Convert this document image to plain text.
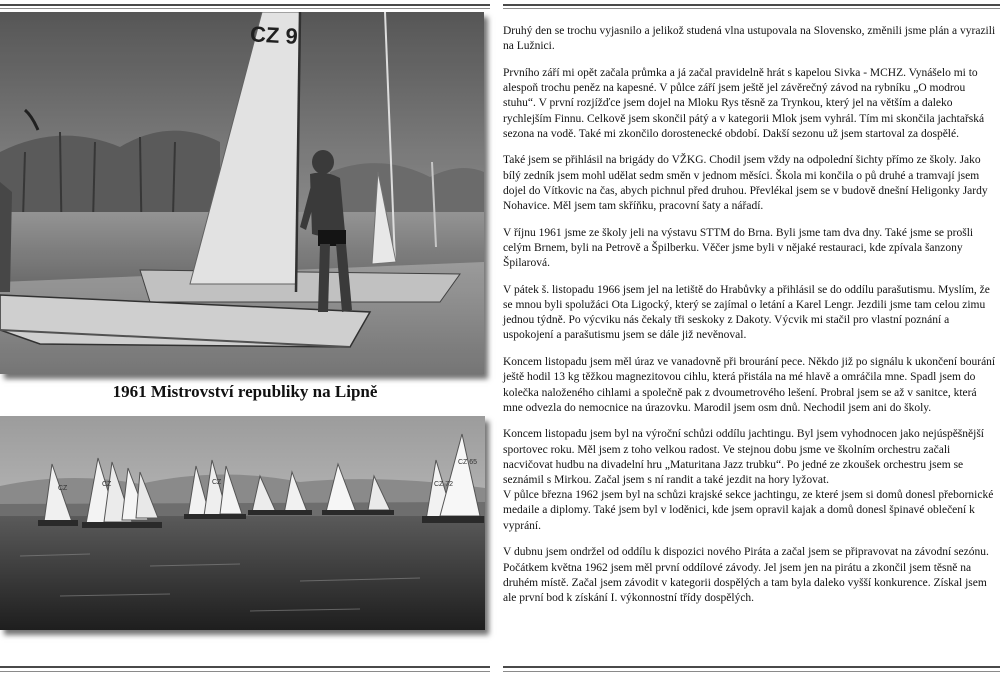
CZ 9
1961 Mistrovství republiky na Lipně
CZ
CZ	CZ	CZ 72
CZ 65

Druhý den se trochu vyjasnilo a jelikož studená vlna ustupovala na Slovensko, změnili jsme plán a vyrazili na Lužnici.

Prvního září mi opět začala průmka a já začal pravidelně hrát s kapelou Sivka - MCHZ. Vynášelo mi to alespoň trochu peněz na kapesné. V půlce září jsem ještě jel závěrečný závod na rybníku „O modrou stuhu“. V první rozjížďce jsem dojel na Mloku Rys těsně za Trynkou, který jel na větším a daleko rychlejším Finnu. Celkově jsem skončil pátý a v kategorii Mlok jsem vyhrál. Tím mi skončila jachtařská sezona na vodě. Také mi zkončilo dorostenecké období. Dakší sezonu už jsem startoval za dospělé.

Také jsem se přihlásil na brigády do VŽKG. Chodil jsem vždy na odpolední šichty přímo ze školy. Jako bílý zedník jsem mohl udělat sedm směn v jednom měsíci. Škola mi končila o pů druhé a tramvají jsem dojel do Vítkovic na čas, abych pichnul před druhou. Převlékal jsem se v budově dnešní Heligonky Jardy Nohavice. Měl jsem tam skříňku, pracovní šaty a nářadí.

V říjnu 1961 jsme ze školy jeli na výstavu STTM do Brna. Byli jsme tam dva dny. Také jsme se prošli celým Brnem, byli na Petrově a Špilberku. Věčer jsme byli v nějaké restauraci, kde zpívala šanzony Špilarová.

V pátek š. listopadu 1966 jsem jel na letiště do Hrabůvky a přihlásil se do oddílu parašutismu. Myslím, že se mnou byli spolužáci Ota Ligocký, který se zajímal o letání a Karel Lengr. Jezdili jsme tam celou zimu jednou týdně. Po výcviku nás čekaly tři seskoky z Dakoty. Výcvik mi stačil pro vlastní poznání a uspokojení a parašutismu jsem se dále již nevěnoval.

Koncem listopadu jsem měl úraz ve vanadovně při brourání pece. Někdo již po signálu k ukončení bourání ještě hodil 13 kg těžkou magnezitovou cihlu, která přistála na mé hlavě a omráčila mne. Spadl jsem do kolečka naloženého cihlami a společně pak z dvoumetrového lešení. Probral jsem se až v sanitce, která mne odvezla do nemocnice na úrazovku. Marodil jsem osm dnů. Nechodil jsem ani do školy.

Koncem listopadu jsem byl na výroční schůzi oddílu jachtingu. Byl jsem vyhodnocen jako nejúspěšnější sportovec roku. Měl jsem z toho velkou radost. Ve stejnou dobu jsme ve školním orchestru začali nacvičovat hudbu na divadelní hru „Maturitana Jazz trubku“. Po jedné ze zkoušek orchestru jsem se seznámil s Mirkou. Začal jsem s ní randit a také jezdit na hory lyžovat.

V půlce března 1962 jsem byl na schůzi krajské sekce jachtingu, ze které jsem si domů donesl přebornické medaile a diplomy. Také jsem byl v loděnici, kde jsem opravil kajak a domů donesl špinavé oblečení k vyprání.

V dubnu jsem ondržel od oddílu k dispozici nového Piráta a začal jsem se připravovat na závodní sezónu. Počátkem května 1962 jsem měl první oddílové závody. Jel jsem jen na pirátu a zkončil jsem těsně na druhém místě. Začal jsem závodit v kategorii dospělých a tam byla daleko vyšší konkurence. Získal jsem ale první bod k získání I. výkonnostní třídy dospělých.
